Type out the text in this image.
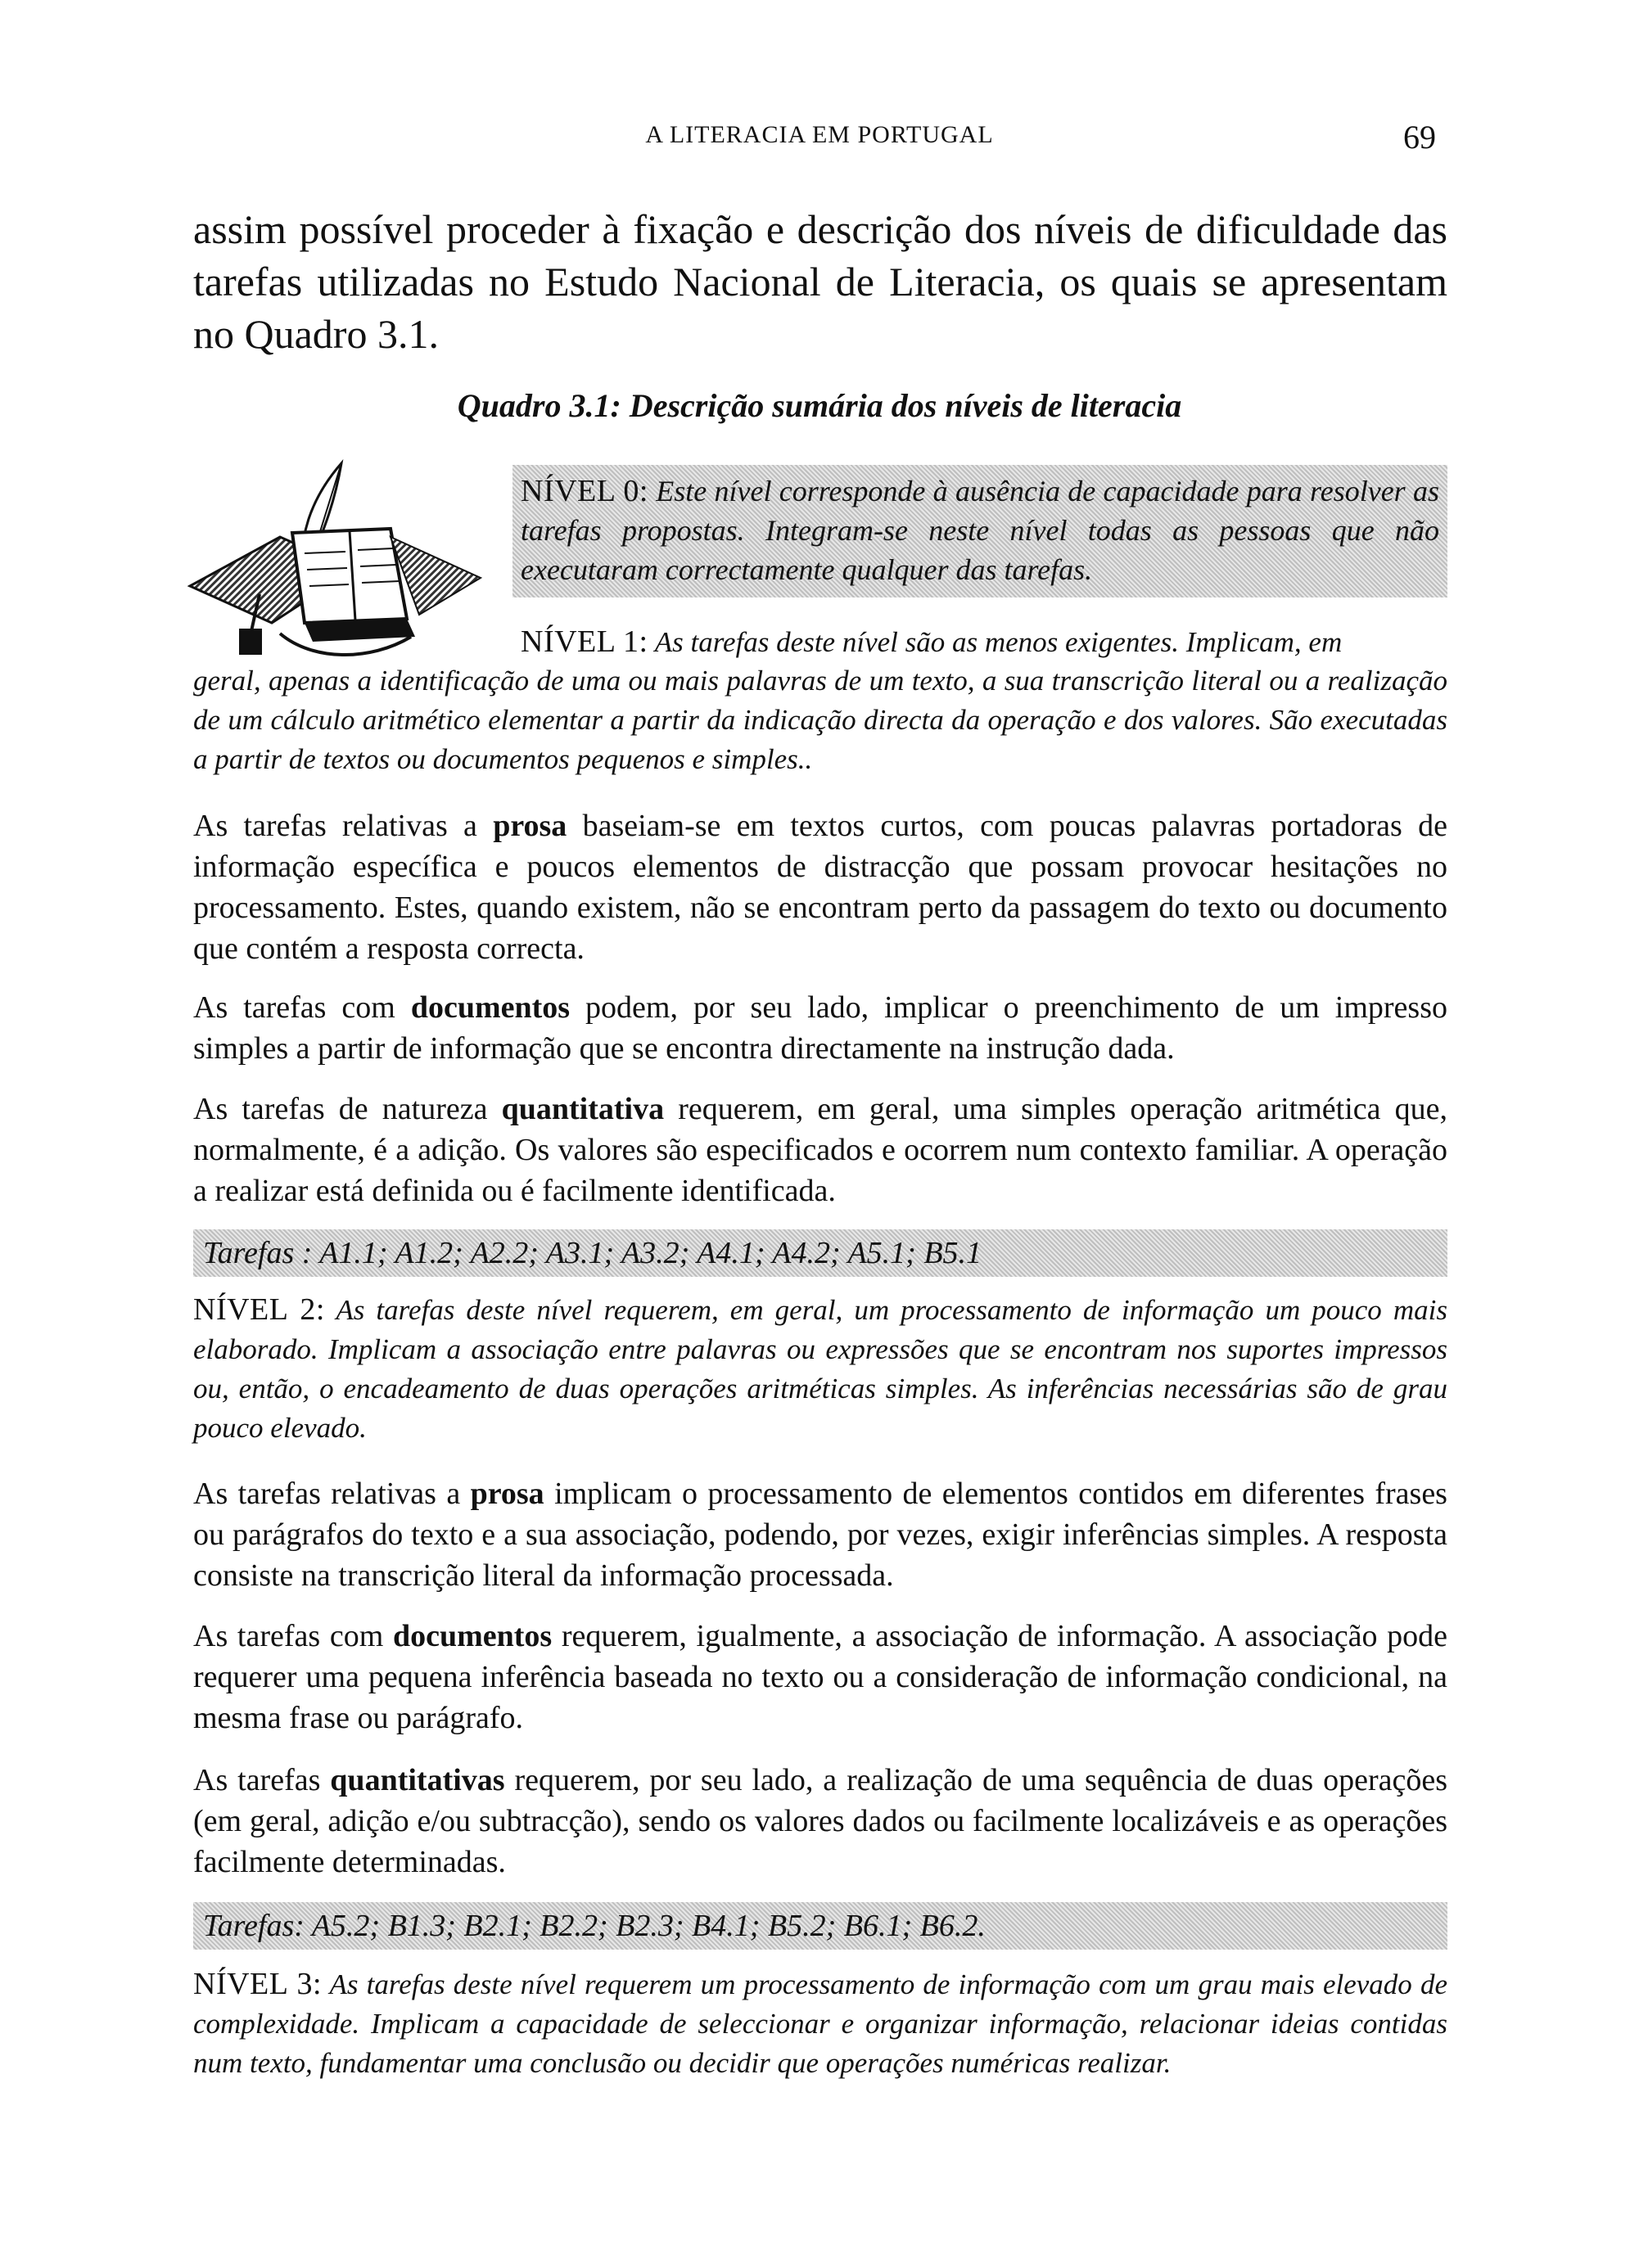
A LITERACIA EM PORTUGAL	69

assim possível proceder à fixação e descrição dos níveis de dificuldade das tarefas utilizadas no Estudo Nacional de Literacia, os quais se apresentam no Quadro 3.1.

Quadro 3.1: Descrição sumária dos níveis de literacia

NÍVEL 0: Este nível corresponde à ausência de capacidade para resolver as tarefas propostas. Integram-se neste nível todas as pessoas que não executaram correctamente qualquer das tarefas.

NÍVEL 1: As tarefas deste nível são as menos exigentes. Implicam, em

geral, apenas a identificação de uma ou mais palavras de um texto, a sua transcrição literal ou a realização de um cálculo aritmético elementar a partir da indicação directa da operação e dos valores. São executadas a partir de textos ou documentos pequenos e simples..

As tarefas relativas a prosa baseiam-se em textos curtos, com poucas palavras portadoras de informação específica e poucos elementos de distracção que possam provocar hesitações no processamento. Estes, quando existem, não se encontram perto da passagem do texto ou documento que contém a resposta correcta.

As tarefas com documentos podem, por seu lado, implicar o preenchimento de um impresso simples a partir de informação que se encontra directamente na instrução dada.

As tarefas de natureza quantitativa requerem, em geral, uma simples operação aritmética que, normalmente, é a adição. Os valores são especificados e ocorrem num contexto familiar. A operação a realizar está definida ou é facilmente identificada.

Tarefas : A1.1; A1.2; A2.2; A3.1; A3.2; A4.1; A4.2; A5.1; B5.1

NÍVEL 2: As tarefas deste nível requerem, em geral, um processamento de informação um pouco mais elaborado. Implicam a associação entre palavras ou expressões que se encontram nos suportes impressos ou, então, o encadeamento de duas operações aritméticas simples. As inferências necessárias são de grau pouco elevado.

As tarefas relativas a prosa implicam o processamento de elementos contidos em diferentes frases ou parágrafos do texto e a sua associação, podendo, por vezes, exigir inferências simples. A resposta consiste na transcrição literal da informação processada.

As tarefas com documentos requerem, igualmente, a associação de informação. A associação pode requerer uma pequena inferência baseada no texto ou a consideração de informação condicional, na mesma frase ou parágrafo.

As tarefas quantitativas requerem, por seu lado, a realização de uma sequência de duas operações (em geral, adição e/ou subtracção), sendo os valores dados ou facilmente localizáveis e as operações facilmente determinadas.

Tarefas: A5.2; B1.3; B2.1; B2.2; B2.3; B4.1; B5.2; B6.1; B6.2.

NÍVEL 3: As tarefas deste nível requerem um processamento de informação com um grau mais elevado de complexidade. Implicam a capacidade de seleccionar e organizar informação, relacionar ideias contidas num texto, fundamentar uma conclusão ou decidir que operações numéricas realizar.
